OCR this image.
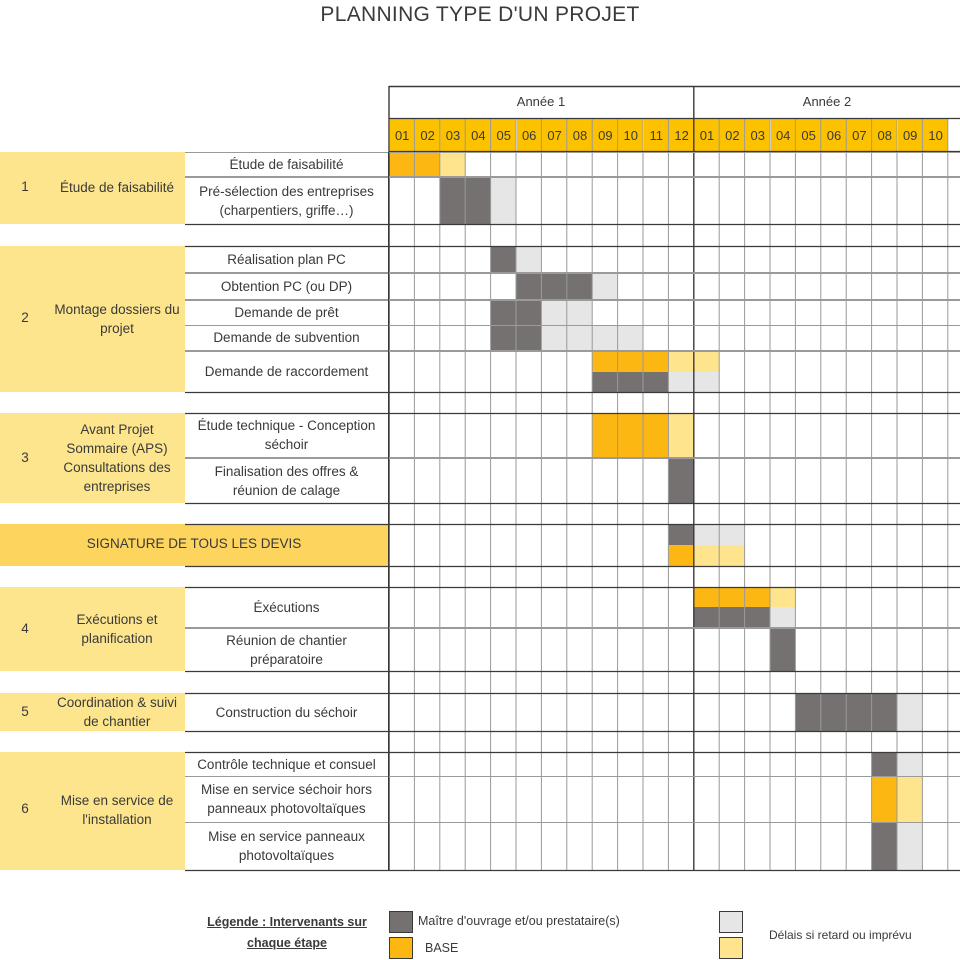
PLANNING TYPE D'UN PROJET
Année 1	Année 2
01 02 03 04 05 06 07 08 09 10 11 12 01 02 03 04 05 06 07 08 09 10
1	Étude de faisabilité
2
Montage dossiers du projet
3
Avant Projet Sommaire (APS) Consultations des entreprises
SIGNATURE DE TOUS LES DEVIS
4
Exécutions et planification
5
Coordination & suivi de chantier
6
Mise en service de l'installation
Étude de faisabilité
Pré-sélection des entreprises (charpentiers, griffe…)
Réalisation plan PC
Obtention PC (ou DP)
Demande de prêt
Demande de subvention
Demande de raccordement
Étude technique - Conception séchoir
Finalisation des offres & réunion de calage
Éxécutions
Réunion de chantier préparatoire
Construction du séchoir
Contrôle technique et consuel
Mise en service séchoir hors panneaux photovoltaïques
Mise en service panneaux photovoltaïques
Légende : Intervenants sur
chaque étape
Maître d'ouvrage et/ou prestataire(s)
BASE
Délais si retard ou imprévu
